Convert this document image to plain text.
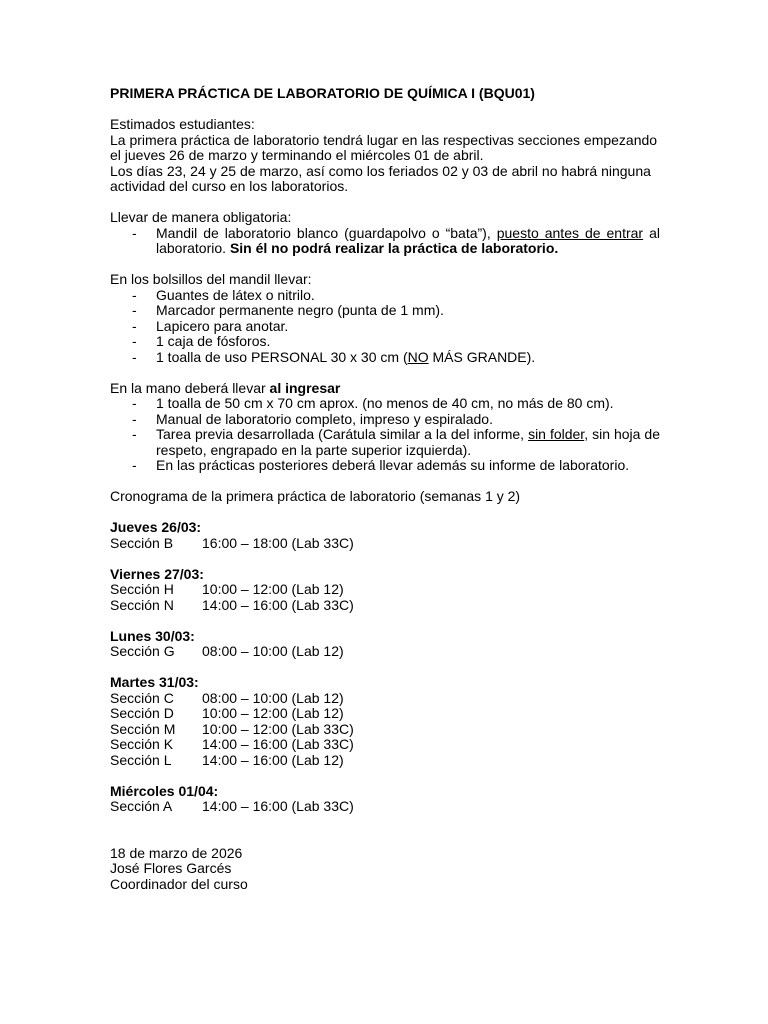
PRIMERA PRÁCTICA DE LABORATORIO DE QUÍMICA I (BQU01)

Estimados estudiantes:

La primera práctica de laboratorio tendrá lugar en las respectivas secciones empezando el jueves 26 de marzo y terminando el miércoles 01 de abril.

Los días 23, 24 y 25 de marzo, así como los feriados 02 y 03 de abril no habrá ninguna actividad del curso en los laboratorios.

Llevar de manera obligatoria:

- Mandil de laboratorio blanco (guardapolvo o “bata”), puesto antes de entrar al laboratorio. Sin él no podrá realizar la práctica de laboratorio.

En los bolsillos del mandil llevar:

- Guantes de látex o nitrilo.
- Marcador permanente negro (punta de 1 mm).
- Lapicero para anotar.
- 1 caja de fósforos.
- 1 toalla de uso PERSONAL 30 x 30 cm (NO MÁS GRANDE).

En la mano deberá llevar al ingresar

- 1 toalla de 50 cm x 70 cm aprox. (no menos de 40 cm, no más de 80 cm).
- Manual de laboratorio completo, impreso y espiralado.
- Tarea previa desarrollada (Carátula similar a la del informe, sin folder, sin hoja de respeto, engrapado en la parte superior izquierda).
- En las prácticas posteriores deberá llevar además su informe de laboratorio.

Cronograma de la primera práctica de laboratorio (semanas 1 y 2)

Jueves 26/03:

Sección B	16:00 – 18:00 (Lab 33C)

Viernes 27/03:

Sección H	10:00 – 12:00 (Lab 12)
Sección N	14:00 – 16:00 (Lab 33C)

Lunes 30/03:

Sección G	08:00 – 10:00 (Lab 12)

Martes 31/03:

Sección C	08:00 – 10:00 (Lab 12)
Sección D	10:00 – 12:00 (Lab 12)
Sección M	10:00 – 12:00 (Lab 33C)
Sección K	14:00 – 16:00 (Lab 33C)
Sección L	14:00 – 16:00 (Lab 12)

Miércoles 01/04:

Sección A	14:00 – 16:00 (Lab 33C)

18 de marzo de 2026

José Flores Garcés

Coordinador del curso
